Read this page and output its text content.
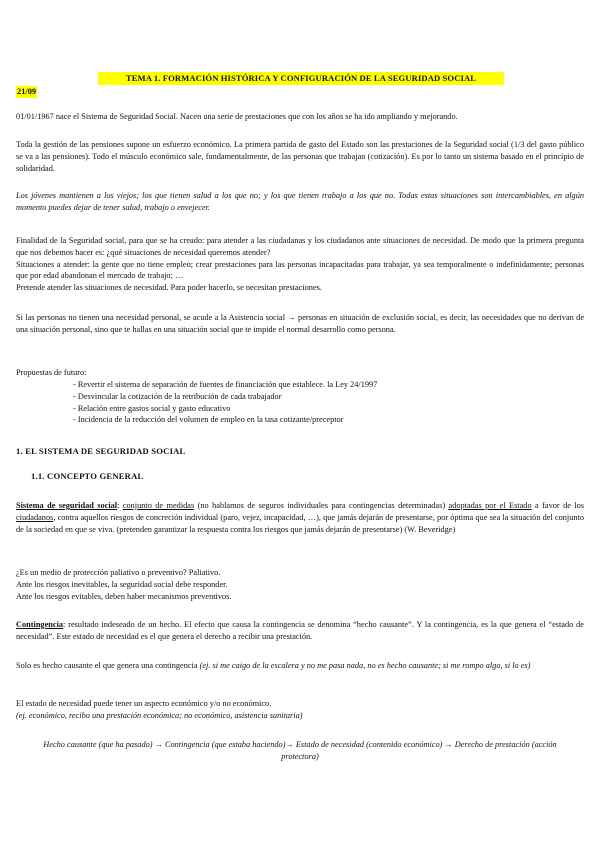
TEMA 1. FORMACIÓN HISTÓRICA Y CONFIGURACIÓN DE LA SEGURIDAD SOCIAL
21/09

01/01/1967 nace el Sistema de Seguridad Social. Nacen una serie de prestaciones que con los años se ha ido ampliando y mejorando.

Toda la gestión de las pensiones supone un esfuerzo económico. La primera partida de gasto del Estado son las prestaciones de la Seguridad social (1/3 del gasto público se va a las pensiones). Todo el músculo económico sale, fundamentalmente, de las personas que trabajan (cotización). Es por lo tanto un sistema basado en el principio de solidaridad.

Los jóvenes mantienen a los viejos; los que tienen salud a los que no; y los que tienen trabajo a los que no. Todas estas situaciones son intercambiables, en algún momento puedes dejar de tener salud, trabajo o envejecer.

Finalidad de la Seguridad social, para que se ha creado: para atender a las ciudadanas y los ciudadanos ante situaciones de necesidad. De modo que la primera pregunta que nos debemos hacer es: ¿qué situaciones de necesidad queremos atender?
Situaciones a atender: la gente que no tiene empleo; crear prestaciones para las personas incapacitadas para trabajar, ya sea temporalmente o indefinidamente; personas que por edad abandonan el mercado de trabajo; …
Pretende atender las situaciones de necesidad. Para poder hacerlo, se necesitan prestaciones.

Si las personas no tienen una necesidad personal, se acude a la Asistencia social → personas en situación de exclusión social, es decir, las necesidades que no derivan de una situación personal, sino que te hallas en una situación social que te impide el normal desarrollo como persona.

Propuestas de futuro:

- Revertir el sistema de separación de fuentes de financiación que establece. la Ley 24/1997
- Desvincular la cotización de la retribución de cada trabajador
- Relación entre gastos social y gasto educativo
- Incidencia de la reducción del volumen de empleo en la tasa cotizante/preceptor
1. EL SISTEMA DE SEGURIDAD SOCIAL
1.1. CONCEPTO GENERAL

Sistema de seguridad social: conjunto de medidas (no hablamos de seguros individuales para contingencias determinadas) adoptadas por el Estado a favor de los ciudadanos, contra aquellos riesgos de concreción individual (paro, vejez, incapacidad, …), que jamás dejarán de presentarse, por óptima que sea la situación del conjunto de la sociedad en que se viva. (pretenden garantizar la respuesta contra los riesgos que jamás dejarán de presentarse) (W. Beveridge)

¿Es un medio de protección paliativo o preventivo? Paliativo.
Ante los riesgos inevitables, la seguridad social debe responder.
Ante los riesgos evitables, deben haber mecanismos preventivos.

Contingencia: resultado indeseado de un hecho. El efecto que causa la contingencia se denomina “hecho causante”. Y la contingencia, es la que genera el “estado de necesidad”. Este estado de necesidad es el que genera el derecho a recibir una prestación.

Solo es hecho causante el que genera una contingencia (ej. si me caigo de la escalera y no me pasa nada, no es hecho causante; si me rompo algo, si lo es)

El estado de necesidad puede tener un aspecto económico y/o no económico.
(ej. económico, recibo una prestación económica; no económico, asistencia sanitaria)

Hecho causante (que ha pasado) → Contingencia (que estaba haciendo)→ Estado de necesidad (contenido económico) → Derecho de prestación (acción protectora)
